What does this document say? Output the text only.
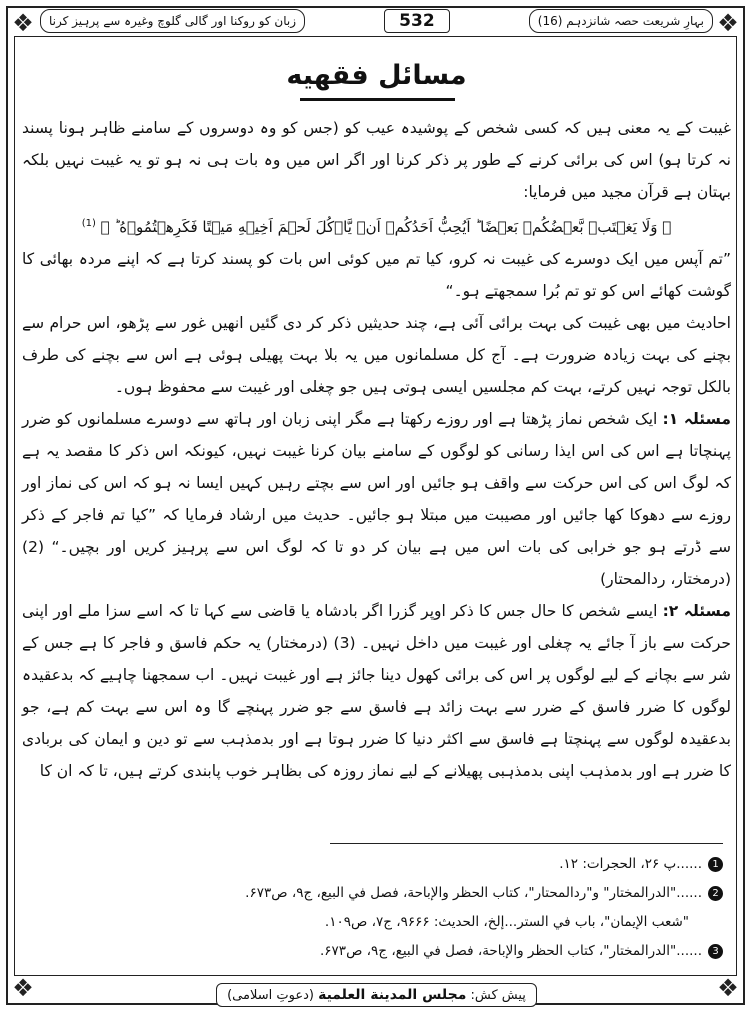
❖	❖
❖	❖
بہارِ شریعت حصہ شانزدہم (16)
532
زبان کو روکنا اور گالی گلوچ وغیرہ سے پرہیز کرنا
مسائل فقهیه

غیبت کے یہ معنی ہیں کہ کسی شخص کے پوشیدہ عیب کو (جس کو وہ دوسروں کے سامنے ظاہر ہونا پسند نہ کرتا ہو) اس کی برائی کرنے کے طور پر ذکر کرنا اور اگر اس میں وہ بات ہی نہ ہو تو یہ غیبت نہیں بلکہ بہتان ہے قرآن مجید میں فرمایا:

﴿ وَلَا یَغۡتَبۡ بَّعۡضُكُمۡ بَعۡضًا ؕ اَیُحِبُّ اَحَدُكُمۡ اَنۡ یَّاۡكُلَ لَحۡمَ اَخِیۡهِ مَیۡتًا فَكَرِهۡتُمُوۡهُ ؕ ﴾ $^{(1)}$

”تم آپس میں ایک دوسرے کی غیبت نہ کرو، کیا تم میں کوئی اس بات کو پسند کرتا ہے کہ اپنے مردہ بھائی کا گوشت کھائے اس کو تو تم بُرا سمجھتے ہو۔“

احادیث میں بھی غیبت کی بہت برائی آئی ہے، چند حدیثیں ذکر کر دی گئیں انھیں غور سے پڑھو، اس حرام سے بچنے کی بہت زیادہ ضرورت ہے۔ آج کل مسلمانوں میں یہ بلا بہت پھیلی ہوئی ہے اس سے بچنے کی طرف بالکل توجہ نہیں کرتے، بہت کم مجلسیں ایسی ہوتی ہیں جو چغلی اور غیبت سے محفوظ ہوں۔

مسئلہ ۱: ایک شخص نماز پڑھتا ہے اور روزے رکھتا ہے مگر اپنی زبان اور ہاتھ سے دوسرے مسلمانوں کو ضرر پہنچاتا ہے اس کی اس ایذا رسانی کو لوگوں کے سامنے بیان کرنا غیبت نہیں، کیونکہ اس ذکر کا مقصد یہ ہے کہ لوگ اس کی اس حرکت سے واقف ہو جائیں اور اس سے بچتے رہیں کہیں ایسا نہ ہو کہ اس کی نماز اور روزے سے دھوکا کھا جائیں اور مصیبت میں مبتلا ہو جائیں۔ حدیث میں ارشاد فرمایا کہ ”کیا تم فاجر کے ذکر سے ڈرتے ہو جو خرابی کی بات اس میں ہے بیان کر دو تا کہ لوگ اس سے پرہیز کریں اور بچیں۔“ (2) (درمختار، ردالمحتار)

مسئلہ ۲: ایسے شخص کا حال جس کا ذکر اوپر گزرا اگر بادشاہ یا قاضی سے کہا تا کہ اسے سزا ملے اور اپنی حرکت سے باز آ جائے یہ چغلی اور غیبت میں داخل نہیں۔ (3) (درمختار) یہ حکم فاسق و فاجر کا ہے جس کے شر سے بچانے کے لیے لوگوں پر اس کی برائی کھول دینا جائز ہے اور غیبت نہیں۔ اب سمجھنا چاہیے کہ بدعقیدہ لوگوں کا ضرر فاسق کے ضرر سے بہت زائد ہے فاسق سے جو ضرر پہنچے گا وہ اس سے بہت کم ہے، جو بدعقیدہ لوگوں سے پہنچتا ہے فاسق سے اکثر دنیا کا ضرر ہوتا ہے اور بدمذہب سے تو دین و ایمان کی بربادی کا ضرر ہے اور بدمذہب اپنی بدمذہبی پھیلانے کے لیے نماز روزہ کی بظاہر خوب پابندی کرتے ہیں، تا کہ ان کا

1
......پ ۲۶، الحجرات: ۱۲.
2
......"الدرالمختار" و"ردالمحتار"، کتاب الحظر والإباحة، فصل في البیع، ج۹، ص۶۷۳.
"شعب الإیمان"، باب في الستر...إلخ، الحدیث: ۹۶۶۶، ج۷، ص۱۰۹.
3
......"الدرالمختار"، کتاب الحظر والإباحة، فصل في البیع، ج۹، ص۶۷۳.
پیش کش: مجلس المدینة العلمیة (دعوتِ اسلامی)
